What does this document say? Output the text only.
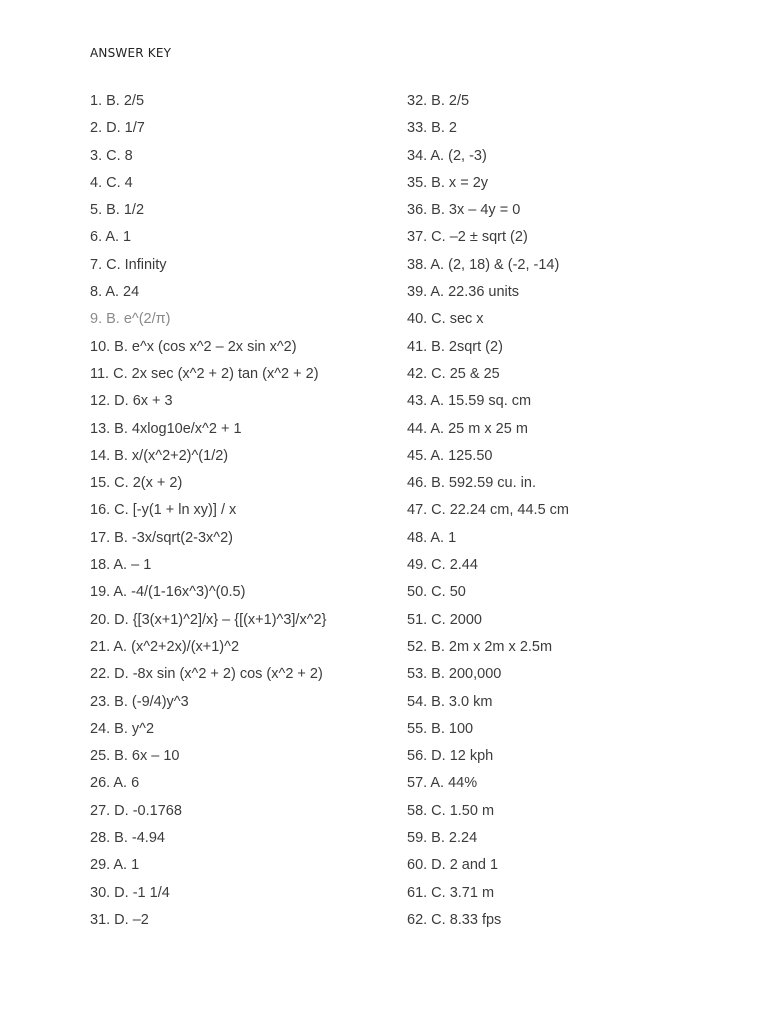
ANSWER KEY
1. B. 2/5
2. D. 1/7
3. C. 8
4. C. 4
5. B. 1/2
6. A. 1
7. C. Infinity
8. A. 24
9. B. e^(2/π)
10. B. e^x (cos x^2 – 2x sin x^2)
11. C. 2x sec (x^2 + 2) tan (x^2 + 2)
12. D. 6x + 3
13. B. 4xlog10e/x^2 + 1
14. B. x/(x^2+2)^(1/2)
15. C. 2(x + 2)
16. C. [-y(1 + ln xy)] / x
17. B. -3x/sqrt(2-3x^2)
18. A. – 1
19. A. -4/(1-16x^3)^(0.5)
20. D. {[3(x+1)^2]/x} – {[(x+1)^3]/x^2}
21. A. (x^2+2x)/(x+1)^2
22. D. -8x sin (x^2 + 2) cos (x^2 + 2)
23. B. (-9/4)y^3
24. B. y^2
25. B. 6x – 10
26. A. 6
27. D. -0.1768
28. B. -4.94
29. A. 1
30. D. -1 1/4
31. D. –2
32. B. 2/5
33. B. 2
34. A. (2, -3)
35. B. x = 2y
36. B. 3x – 4y = 0
37. C. –2 ± sqrt (2)
38. A. (2, 18) & (-2, -14)
39. A. 22.36 units
40. C. sec x
41. B. 2sqrt (2)
42. C. 25 & 25
43. A. 15.59 sq. cm
44. A. 25 m x 25 m
45. A. 125.50
46. B. 592.59 cu. in.
47. C. 22.24 cm, 44.5 cm
48. A. 1
49. C. 2.44
50. C. 50
51. C. 2000
52. B. 2m x 2m x 2.5m
53. B. 200,000
54. B. 3.0 km
55. B. 100
56. D. 12 kph
57. A. 44%
58. C. 1.50 m
59. B. 2.24
60. D. 2 and 1
61. C. 3.71 m
62. C. 8.33 fps
